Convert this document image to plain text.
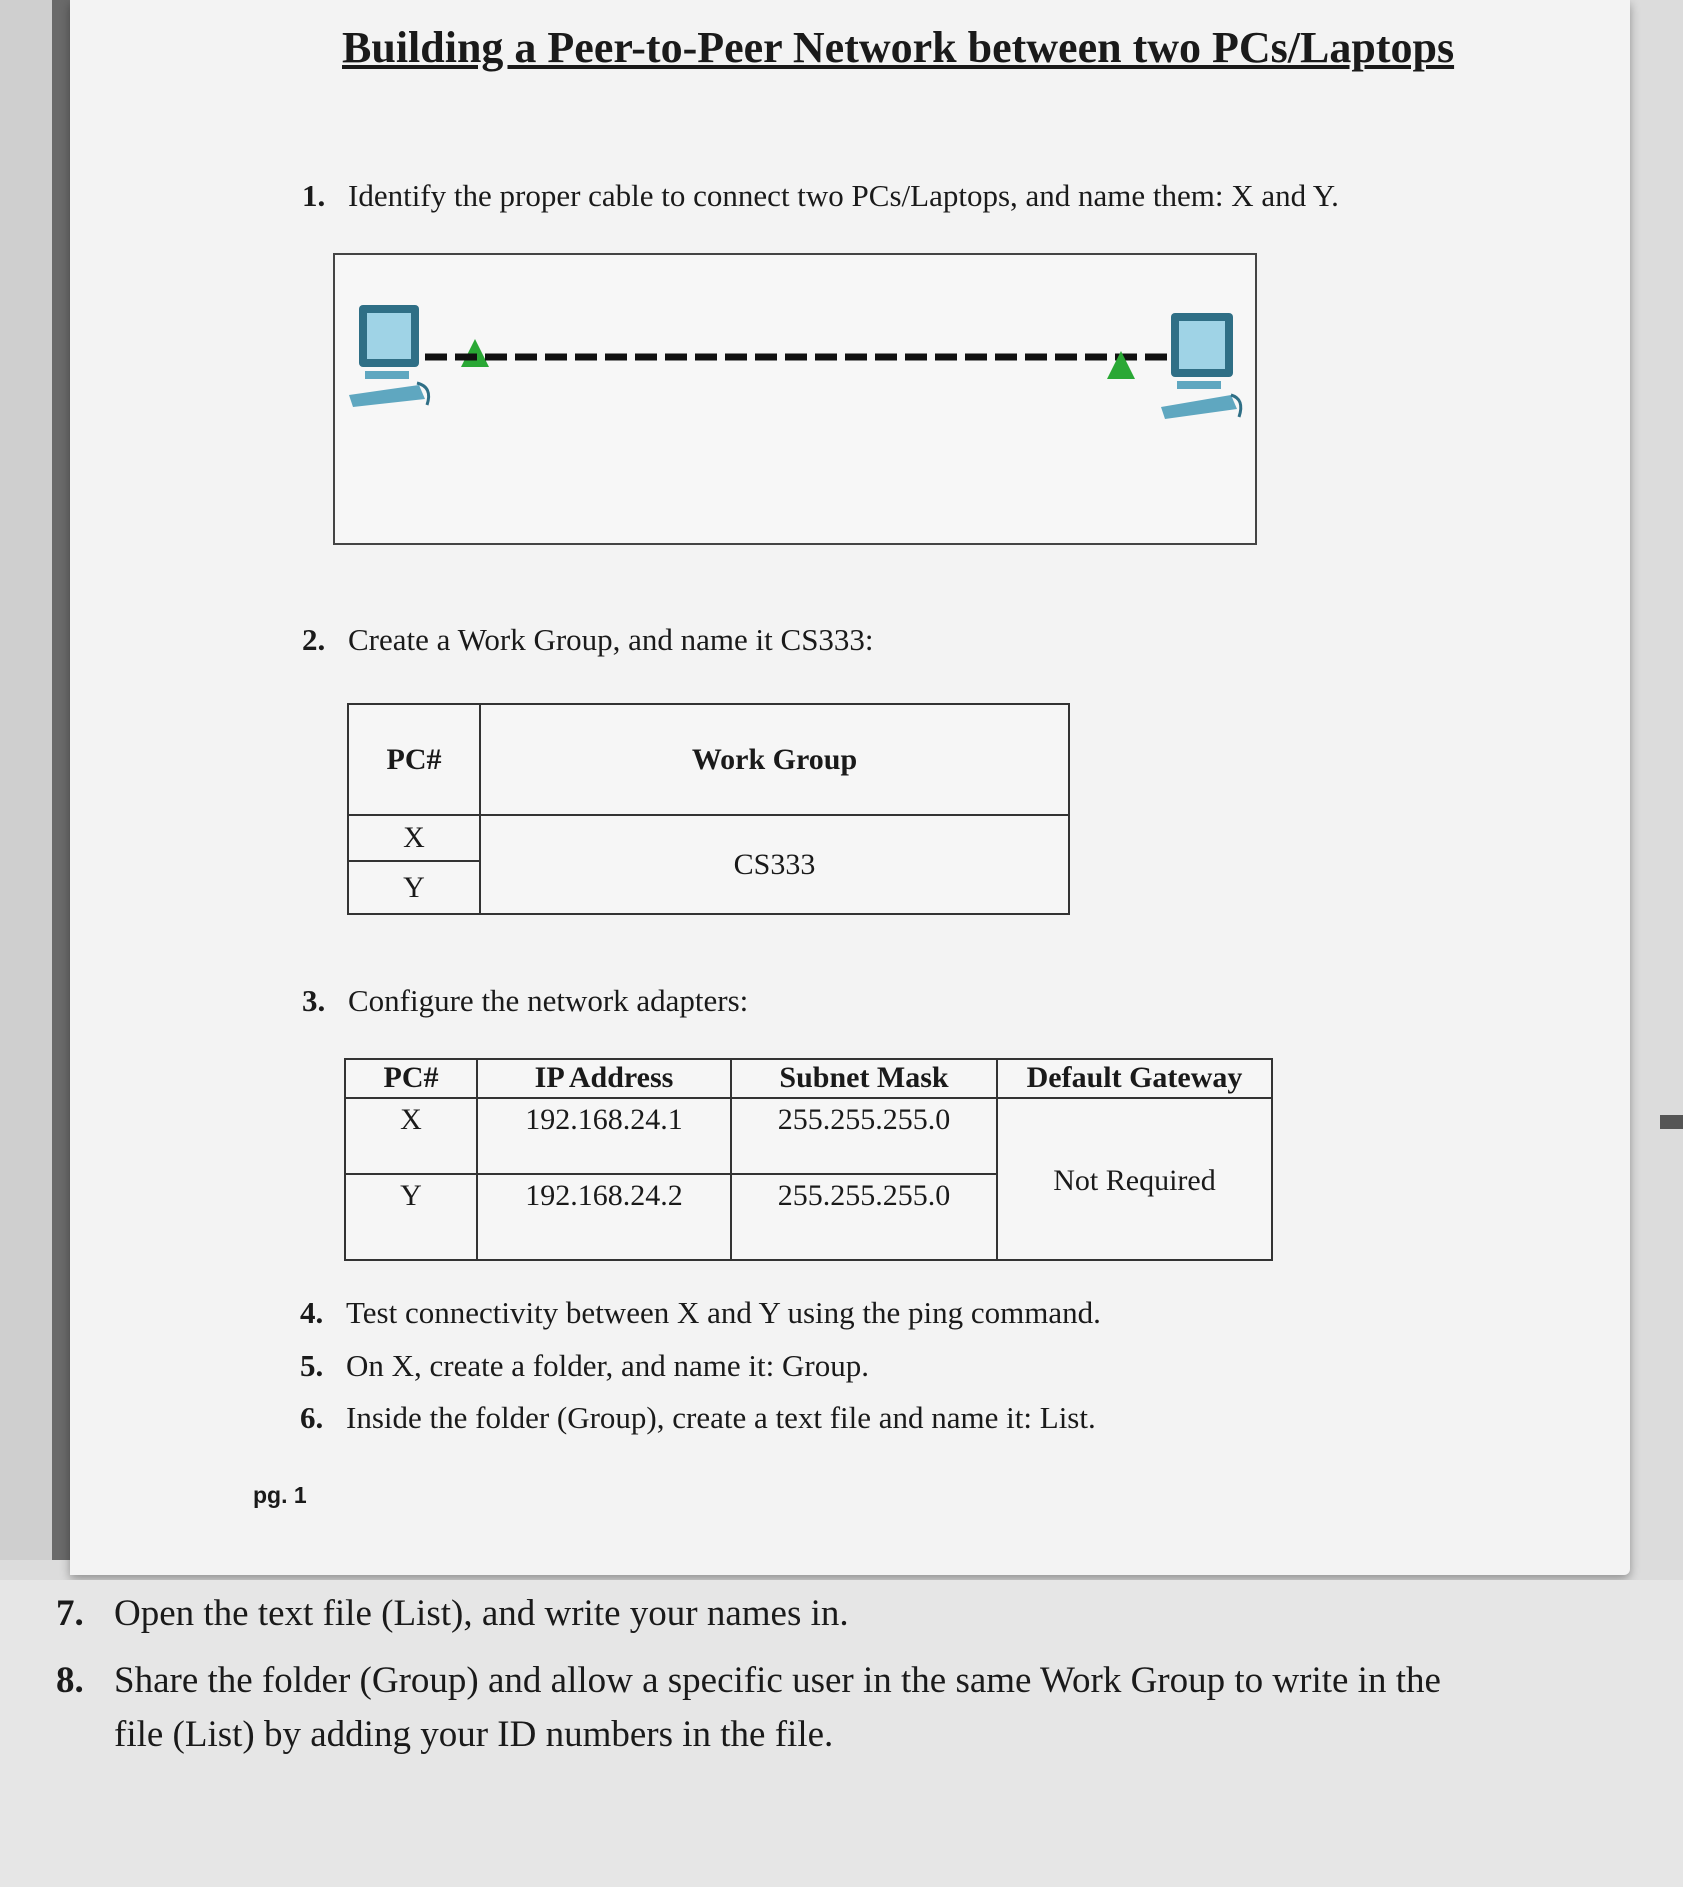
Building a Peer-to-Peer Network between two PCs/Laptops
1. Identify the proper cable to connect two PCs/Laptops, and name them: X and Y.
2. Create a Work Group, and name it CS333:
PC#	Work Group
X	CS333
Y	
3. Configure the network adapters:
PC#	IP Address	Subnet Mask	Default Gateway
X	192.168.24.1	255.255.255.0	Not Required
Y	192.168.24.2	255.255.255.0	
4. Test connectivity between X and Y using the ping command.
5. On X, create a folder, and name it: Group.
6. Inside the folder (Group), create a text file and name it: List.
pg. 1
7. Open the text file (List), and write your names in.
8. Share the folder (Group) and allow a specific user in the same Work Group to write in the file (List) by adding your ID numbers in the file.
